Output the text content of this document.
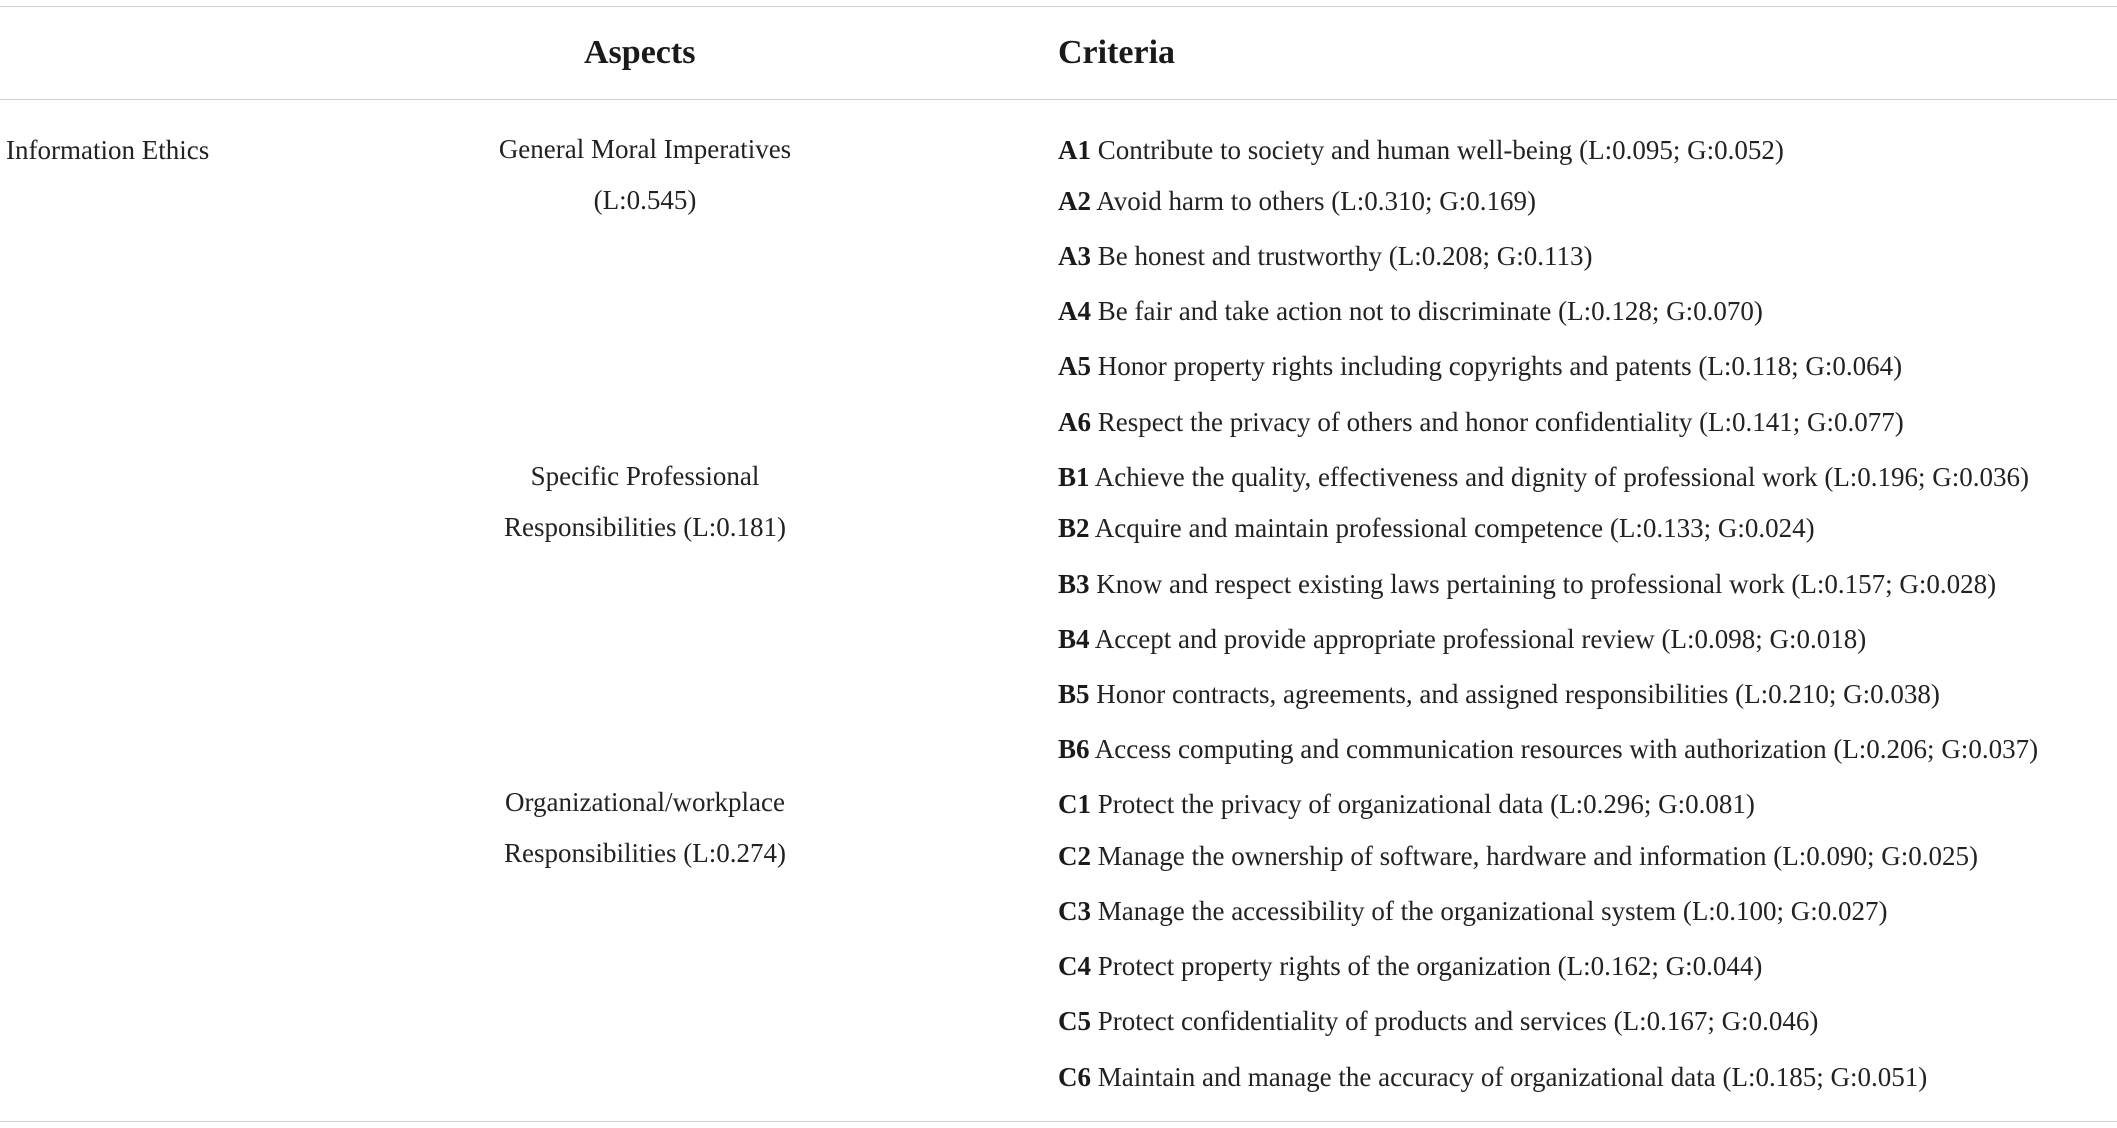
Aspects	Criteria
Information Ethics	General Moral Imperatives
(L:0.545)
Specific Professional
Responsibilities (L:0.181)
Organizational/workplace
Responsibilities (L:0.274)
A1 Contribute to society and human well-being (L:0.095; G:0.052)
A2 Avoid harm to others (L:0.310; G:0.169)
A3 Be honest and trustworthy (L:0.208; G:0.113)
A4 Be fair and take action not to discriminate (L:0.128; G:0.070)
A5 Honor property rights including copyrights and patents (L:0.118; G:0.064)
A6 Respect the privacy of others and honor confidentiality (L:0.141; G:0.077)
B1 Achieve the quality, effectiveness and dignity of professional work (L:0.196; G:0.036)
B2 Acquire and maintain professional competence (L:0.133; G:0.024)
B3 Know and respect existing laws pertaining to professional work (L:0.157; G:0.028)
B4 Accept and provide appropriate professional review (L:0.098; G:0.018)
B5 Honor contracts, agreements, and assigned responsibilities (L:0.210; G:0.038)
B6 Access computing and communication resources with authorization (L:0.206; G:0.037)
C1 Protect the privacy of organizational data (L:0.296; G:0.081)
C2 Manage the ownership of software, hardware and information (L:0.090; G:0.025)
C3 Manage the accessibility of the organizational system (L:0.100; G:0.027)
C4 Protect property rights of the organization (L:0.162; G:0.044)
C5 Protect confidentiality of products and services (L:0.167; G:0.046)
C6 Maintain and manage the accuracy of organizational data (L:0.185; G:0.051)
